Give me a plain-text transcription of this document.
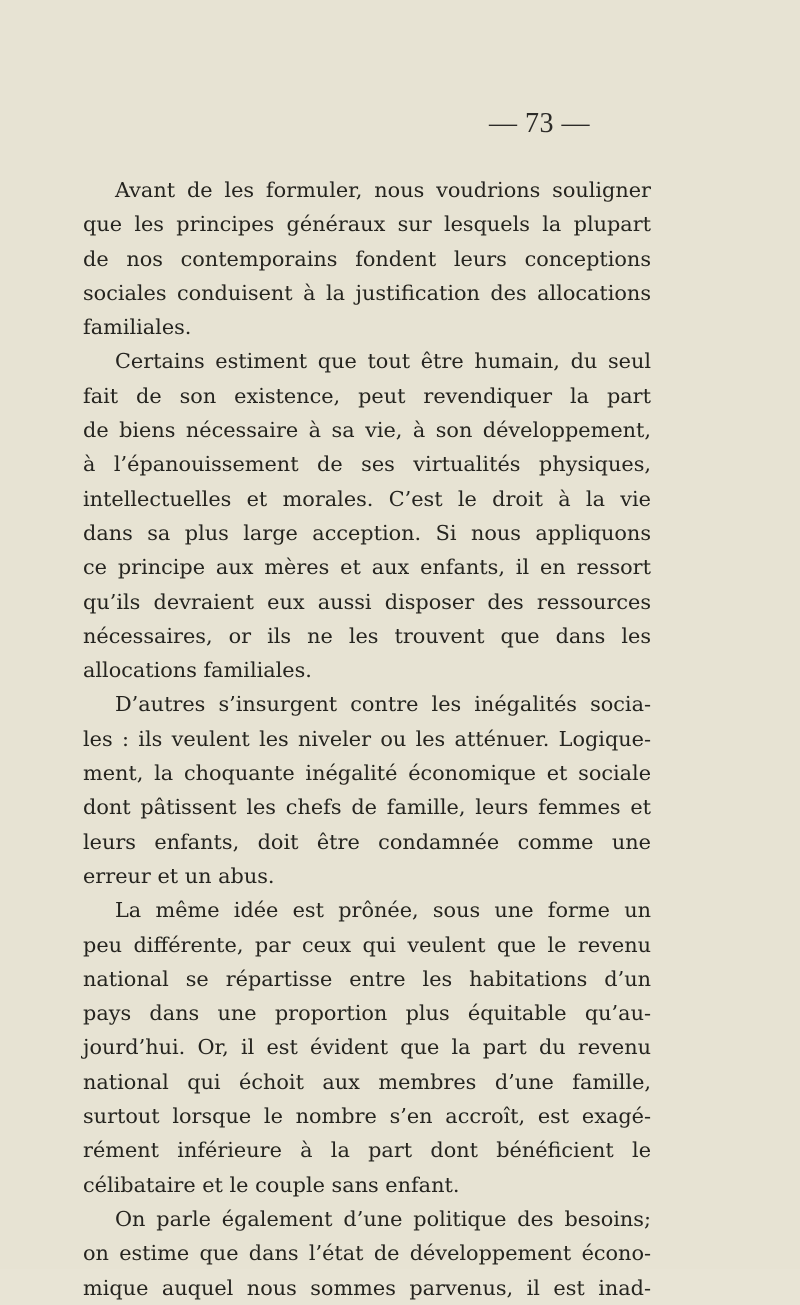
— 73 —
Avant de les formuler, nous voudrions souligner
que les principes généraux sur lesquels la plupart
de nos contemporains fondent leurs conceptions
sociales conduisent à la justification des allocations
familiales.
Certains estiment que tout être humain, du seul
fait de son existence, peut revendiquer la part
de biens nécessaire à sa vie, à son développement,
à l’épanouissement de ses virtualités physiques,
intellectuelles et morales. C’est le droit à la vie
dans sa plus large acception. Si nous appliquons
ce principe aux mères et aux enfants, il en ressort
qu’ils devraient eux aussi disposer des ressources
nécessaires, or ils ne les trouvent que dans les
allocations familiales.
D’autres s’insurgent contre les inégalités socia-
les : ils veulent les niveler ou les atténuer. Logique-
ment, la choquante inégalité économique et sociale
dont pâtissent les chefs de famille, leurs femmes et
leurs enfants, doit être condamnée comme une
erreur et un abus.
La même idée est prônée, sous une forme un
peu différente, par ceux qui veulent que le revenu
national se répartisse entre les habitations d’un
pays dans une proportion plus équitable qu’au-
jourd’hui. Or, il est évident que la part du revenu
national qui échoit aux membres d’une famille,
surtout lorsque le nombre s’en accroît, est exagé-
rément inférieure à la part dont bénéficient le
célibataire et le couple sans enfant.
On parle également d’une politique des besoins;
on estime que dans l’état de développement écono-
mique auquel nous sommes parvenus, il est inad-
